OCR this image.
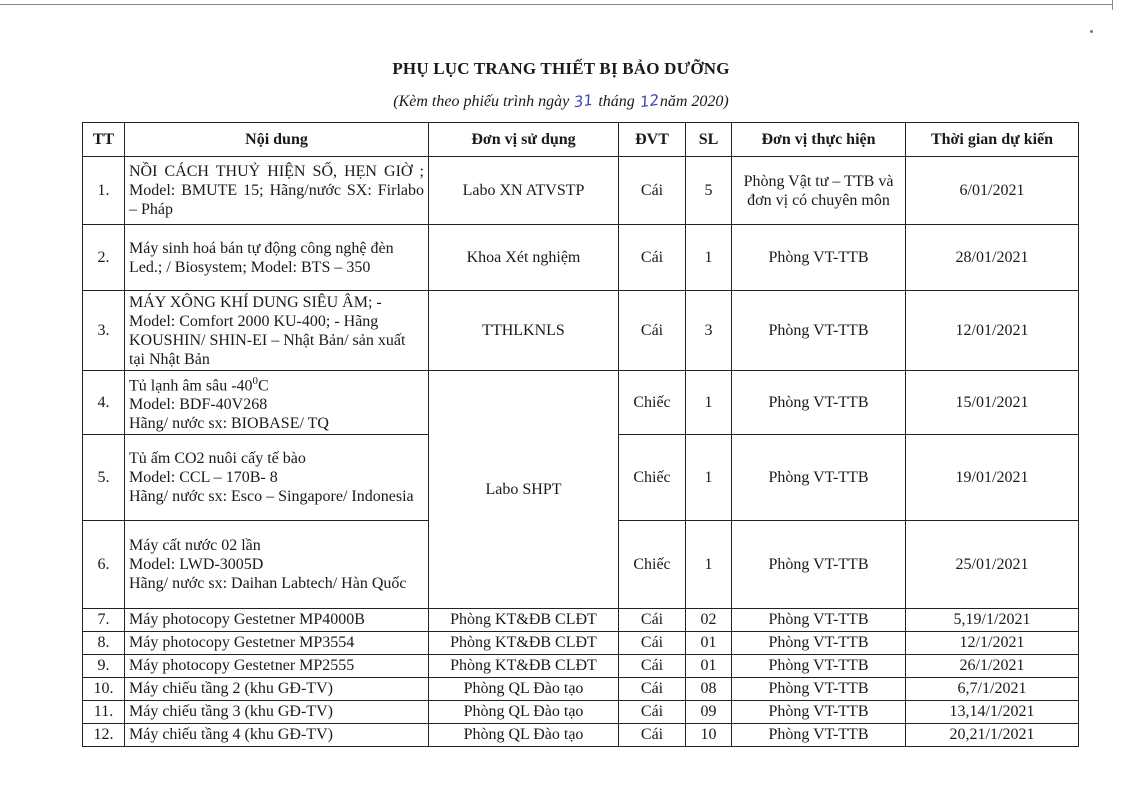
PHỤ LỤC TRANG THIẾT BỊ BẢO DƯỠNG
(Kèm theo phiếu trình ngày 31 tháng 12năm 2020)
TT	Nội dung	Đơn vị sử dụng	ĐVT	SL	Đơn vị thực hiện	Thời gian dự kiến
1.	NỒI CÁCH THUỶ HIỆN SỐ, HẸN GIỜ ; Model: BMUTE 15; Hãng/nước SX: Firlabo – Pháp	Labo XN ATVSTP	Cái	5	Phòng Vật tư – TTB và đơn vị có chuyên môn	6/01/2021
2.	Máy sinh hoá bán tự động công nghệ đèn Led.; / Biosystem; Model: BTS – 350	Khoa Xét nghiệm	Cái	1	Phòng VT-TTB	28/01/2021
3.	MÁY XÔNG KHÍ DUNG SIÊU ÂM; - Model: Comfort 2000 KU-400; - Hãng KOUSHIN/ SHIN-EI – Nhật Bản/ sản xuất tại Nhật Bản	TTHLKNLS	Cái	3	Phòng VT-TTB	12/01/2021
4.	Tủ lạnh âm sâu $-40^0C$
Model: BDF-40V268
Hãng/ nước sx: BIOBASE/ TQ	Labo SHPT	Chiếc	1	Phòng VT-TTB	15/01/2021
5.	Tủ ấm CO2 nuôi cấy tế bào
Model: CCL – 170B- 8
Hãng/ nước sx: Esco – Singapore/ Indonesia		Chiếc	1	Phòng VT-TTB	19/01/2021
6.	Máy cất nước 02 lần
Model: LWD-3005D
Hãng/ nước sx: Daihan Labtech/ Hàn Quốc		Chiếc	1	Phòng VT-TTB	25/01/2021
7.	Máy photocopy Gestetner MP4000B	Phòng KT&ĐB CLĐT	Cái	02	Phòng VT-TTB	5,19/1/2021
8.	Máy photocopy Gestetner MP3554	Phòng KT&ĐB CLĐT	Cái	01	Phòng VT-TTB	12/1/2021
9.	Máy photocopy Gestetner MP2555	Phòng KT&ĐB CLĐT	Cái	01	Phòng VT-TTB	26/1/2021
10.	Máy chiếu tầng 2 (khu GĐ-TV)	Phòng QL Đào tạo	Cái	08	Phòng VT-TTB	6,7/1/2021
11.	Máy chiếu tầng 3 (khu GĐ-TV)	Phòng QL Đào tạo	Cái	09	Phòng VT-TTB	13,14/1/2021
12.	Máy chiếu tầng 4 (khu GĐ-TV)	Phòng QL Đào tạo	Cái	10	Phòng VT-TTB	20,21/1/2021
